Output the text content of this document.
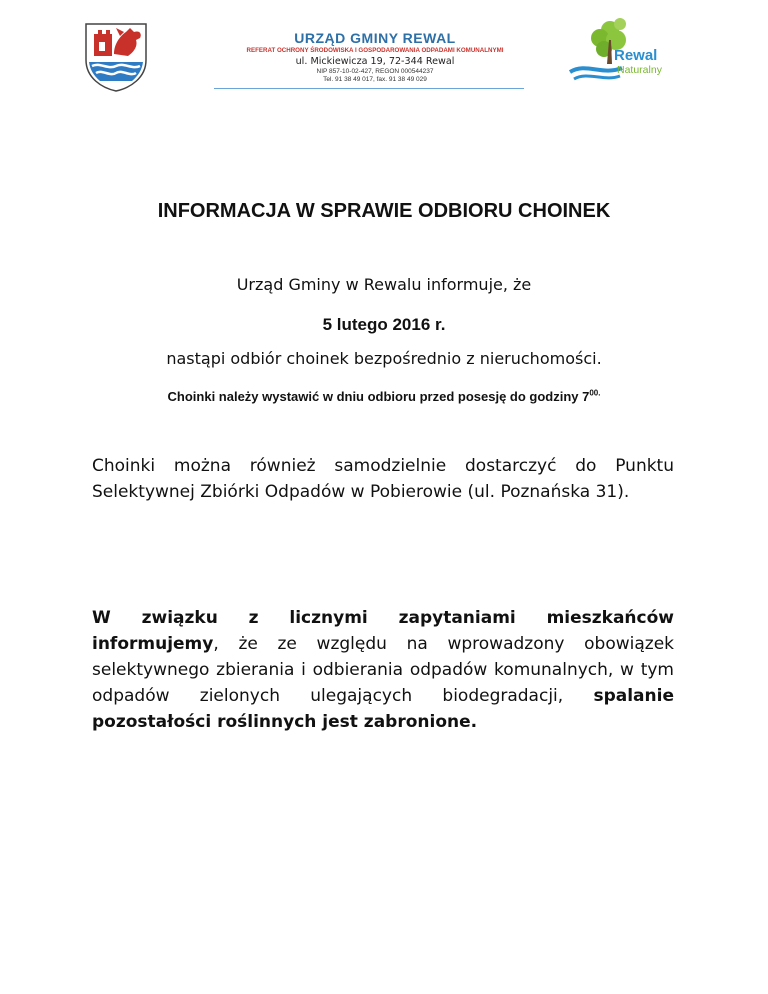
URZĄD GMINY REWAL
REFERAT OCHRONY ŚRODOWISKA I GOSPODAROWANIA ODPADAMI KOMUNALNYMI
ul. Mickiewicza 19, 72-344 Rewal
NIP 857-10-02-427, REGON 000544237
Tel. 91 38 49 017, fax. 91 38 49 029
Rewal
Naturalny
INFORMACJA W SPRAWIE ODBIORU CHOINEK
Urząd Gminy w Rewalu informuje, że
5 lutego 2016 r.
nastąpi odbiór choinek bezpośrednio z nieruchomości.
Choinki należy wystawić w dniu odbioru przed posesję do godziny $7^{00.}$
Choinki można również samodzielnie dostarczyć do Punktu Selektywnej Zbiórki Odpadów w Pobierowie (ul. Poznańska 31).
W związku z licznymi zapytaniami mieszkańców informujemy, że ze względu na wprowadzony obowiązek selektywnego zbierania i odbierania odpadów komunalnych, w tym odpadów zielonych ulegających biodegradacji, spalanie pozostałości roślinnych jest zabronione.
